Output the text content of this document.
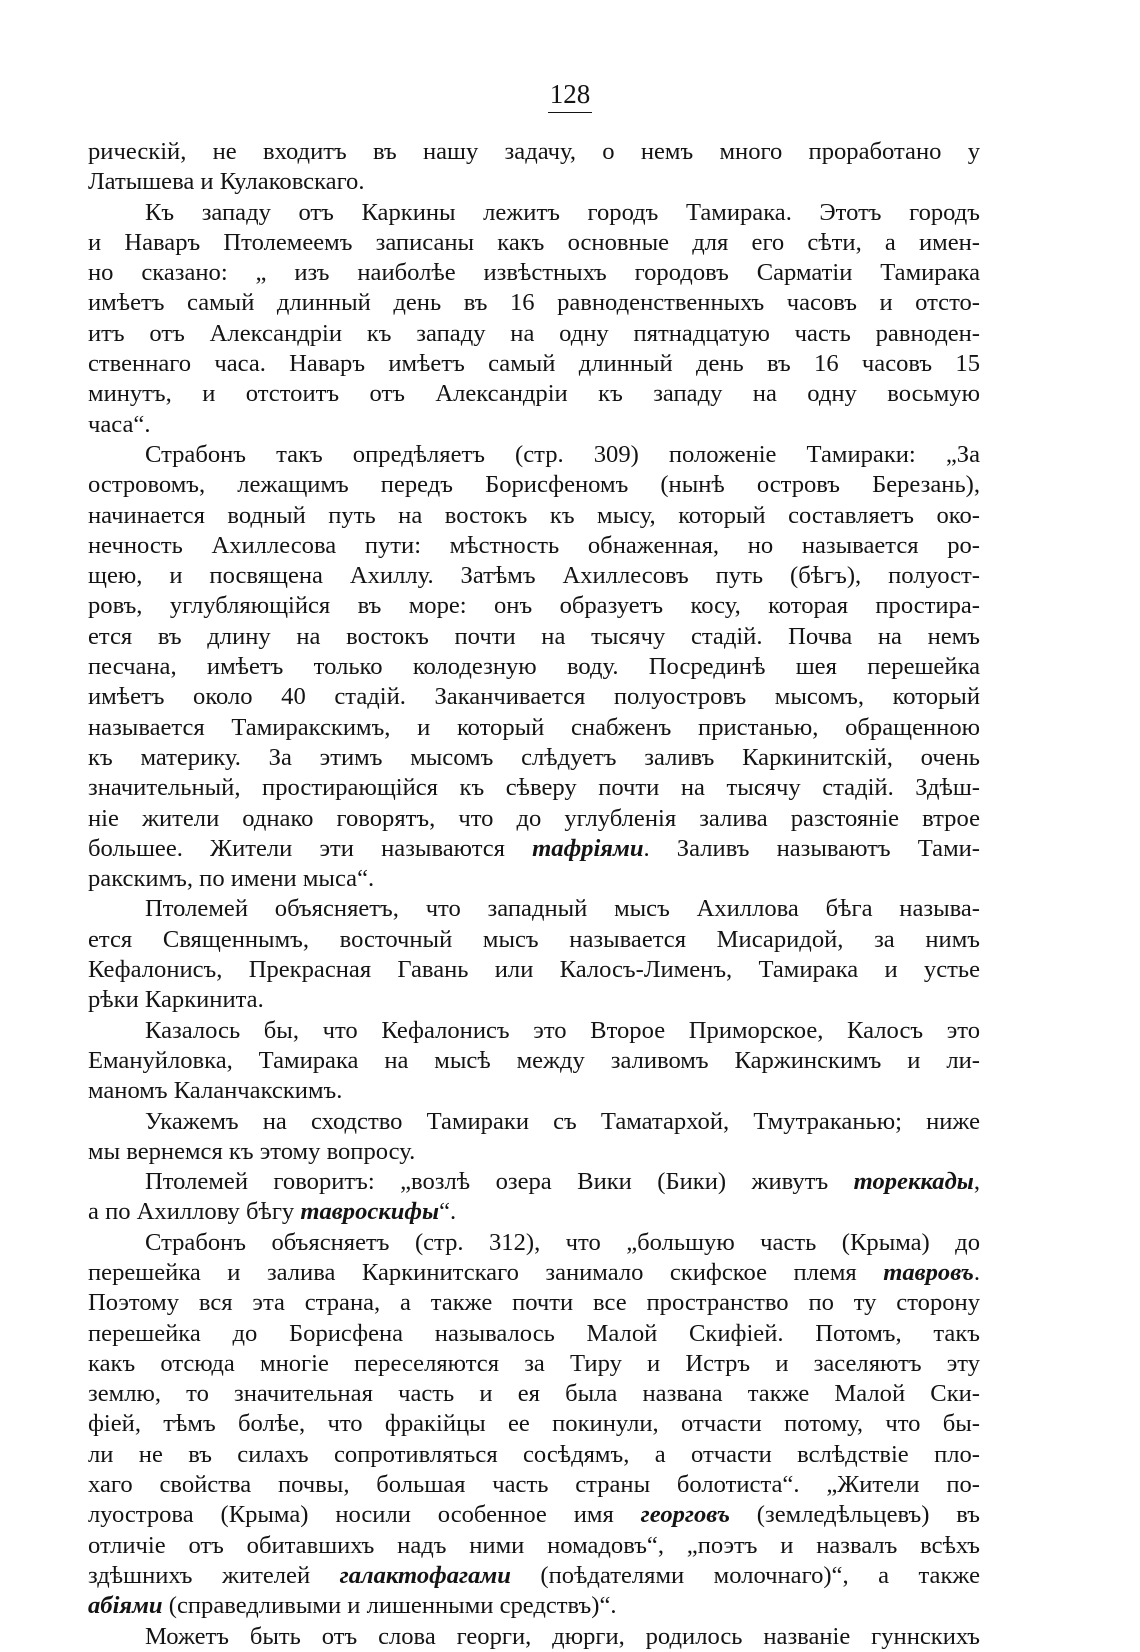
128
рическій, не входитъ въ нашу задачу, о немъ много проработано у
Латышева и Кулаковскаго.
Къ западу отъ Каркины лежитъ городъ Тамирака. Этотъ городъ
и Наваръ Птолемеемъ записаны какъ основные для его сѣти, а имен-
но сказано: „ изъ наиболѣе извѣстныхъ городовъ Сарматіи Тамирака
имѣетъ самый длинный день въ 16 равноденственныхъ часовъ и отсто-
итъ отъ Александріи къ западу на одну пятнадцатую часть равноден-
ственнаго часа. Наваръ имѣетъ самый длинный день въ 16 часовъ 15
минутъ, и отстоитъ отъ Александріи къ западу на одну восьмую
часа“.
Страбонъ такъ опредѣляетъ (стр. 309) положеніе Тамираки: „За
островомъ, лежащимъ передъ Борисфеномъ (нынѣ островъ Березань),
начинается водный путь на востокъ къ мысу, который составляетъ око-
нечность Ахиллесова пути: мѣстность обнаженная, но называется ро-
щею, и посвящена Ахиллу. Затѣмъ Ахиллесовъ путь (бѣгъ), полуост-
ровъ, углубляющійся въ море: онъ образуетъ косу, которая простира-
ется въ длину на востокъ почти на тысячу стадій. Почва на немъ
песчана, имѣетъ только колодезную воду. Посрединѣ шея перешейка
имѣетъ около 40 стадій. Заканчивается полуостровъ мысомъ, который
называется Тамиракскимъ, и который снабженъ пристанью, обращенною
къ материку. За этимъ мысомъ слѣдуетъ заливъ Каркинитскій, очень
значительный, простирающійся къ сѣверу почти на тысячу стадій. Здѣш-
ніе жители однако говорятъ, что до углубленія залива разстояніе втрое
большее. Жители эти называются тафріями. Заливъ называютъ Тами-
ракскимъ, по имени мыса“.
Птолемей объясняетъ, что западный мысъ Ахиллова бѣга называ-
ется Священнымъ, восточный мысъ называется Мисаридой, за нимъ
Кефалонисъ, Прекрасная Гавань или Калосъ-Лименъ, Тамирака и устье
рѣки Каркинита.
Казалось бы, что Кефалонисъ это Второе Приморское, Калосъ это
Емануйловка, Тамирака на мысѣ между заливомъ Каржинскимъ и ли-
маномъ Каланчакскимъ.
Укажемъ на сходство Тамираки съ Таматархой, Тмутраканью; ниже
мы вернемся къ этому вопросу.
Птолемей говоритъ: „возлѣ озера Вики (Бики) живутъ тореккады,
а по Ахиллову бѣгу тавроскифы“.
Страбонъ объясняетъ (стр. 312), что „большую часть (Крыма) до
перешейка и залива Каркинитскаго занимало скифское племя тавровъ.
Поэтому вся эта страна, а также почти все пространство по ту сторону
перешейка до Борисфена называлось Малой Скифіей. Потомъ, такъ
какъ отсюда многіе переселяются за Тиру и Истръ и заселяютъ эту
землю, то значительная часть и ея была названа также Малой Ски-
фіей, тѣмъ болѣе, что фракійцы ее покинули, отчасти потому, что бы-
ли не въ силахъ сопротивляться сосѣдямъ, а отчасти вслѣдствіе пло-
хаго свойства почвы, большая часть страны болотиста“. „Жители по-
луострова (Крыма) носили особенное имя георговъ (земледѣльцевъ) въ
отличіе отъ обитавшихъ надъ ними номадовъ“, „поэтъ и назвалъ всѣхъ
здѣшнихъ жителей галактофагами (поѣдателями молочнаго)“, а также
абіями (справедливыми и лишенными средствъ)“.
Можетъ быть отъ слова георги, дюрги, родилось названіе гуннскихъ
